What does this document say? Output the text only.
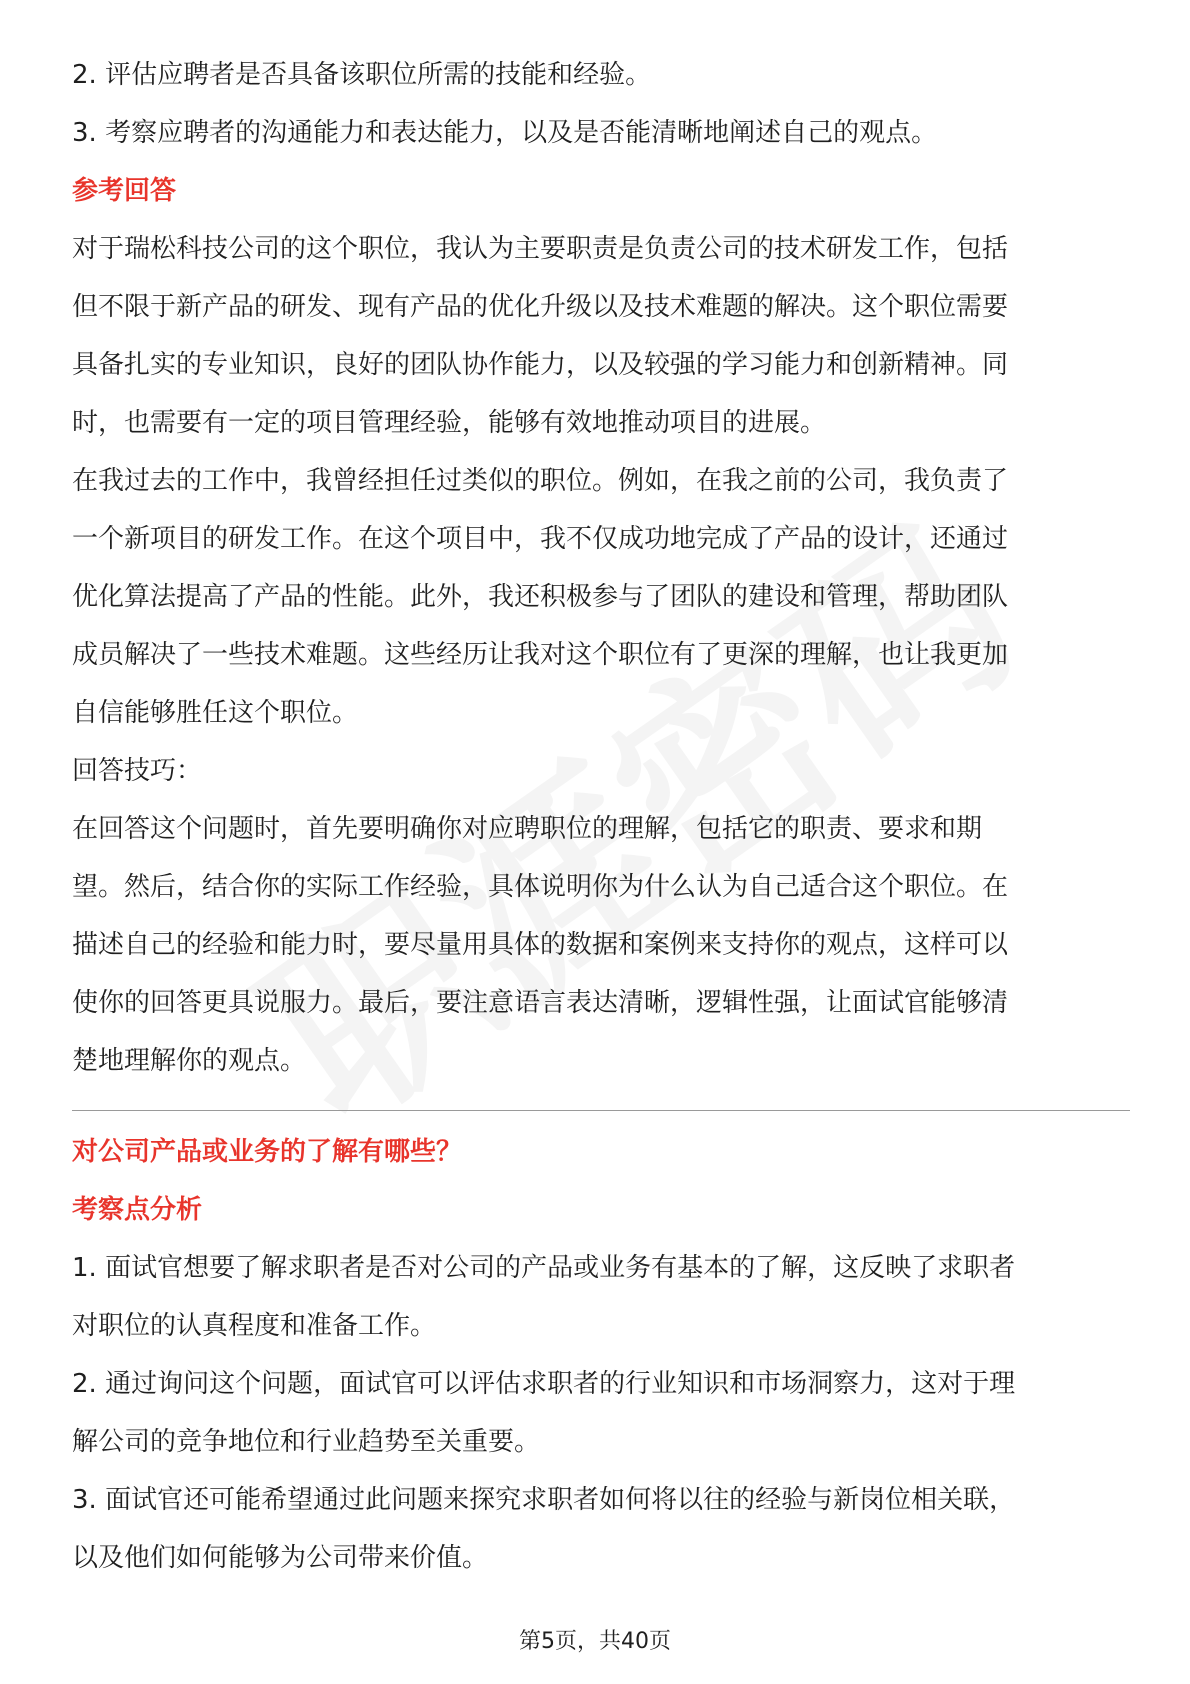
2. 评估应聘者是否具备该职位所需的技能和经验。

3. 考察应聘者的沟通能力和表达能力，以及是否能清晰地阐述自己的观点。

参考回答

对于瑞松科技公司的这个职位，我认为主要职责是负责公司的技术研发工作，包括

但不限于新产品的研发、现有产品的优化升级以及技术难题的解决。这个职位需要

具备扎实的专业知识，良好的团队协作能力，以及较强的学习能力和创新精神。同

时，也需要有一定的项目管理经验，能够有效地推动项目的进展。

在我过去的工作中，我曾经担任过类似的职位。例如，在我之前的公司，我负责了

一个新项目的研发工作。在这个项目中，我不仅成功地完成了产品的设计，还通过

优化算法提高了产品的性能。此外，我还积极参与了团队的建设和管理，帮助团队

成员解决了一些技术难题。这些经历让我对这个职位有了更深的理解，也让我更加

自信能够胜任这个职位。

回答技巧：

在回答这个问题时，首先要明确你对应聘职位的理解，包括它的职责、要求和期

望。然后，结合你的实际工作经验，具体说明你为什么认为自己适合这个职位。在

描述自己的经验和能力时，要尽量用具体的数据和案例来支持你的观点，这样可以

使你的回答更具说服力。最后，要注意语言表达清晰，逻辑性强，让面试官能够清

楚地理解你的观点。

对公司产品或业务的了解有哪些？

考察点分析

1. 面试官想要了解求职者是否对公司的产品或业务有基本的了解，这反映了求职者

对职位的认真程度和准备工作。

2. 通过询问这个问题，面试官可以评估求职者的行业知识和市场洞察力，这对于理

解公司的竞争地位和行业趋势至关重要。

3. 面试官还可能希望通过此问题来探究求职者如何将以往的经验与新岗位相关联，

以及他们如何能够为公司带来价值。

第5页，共40页
